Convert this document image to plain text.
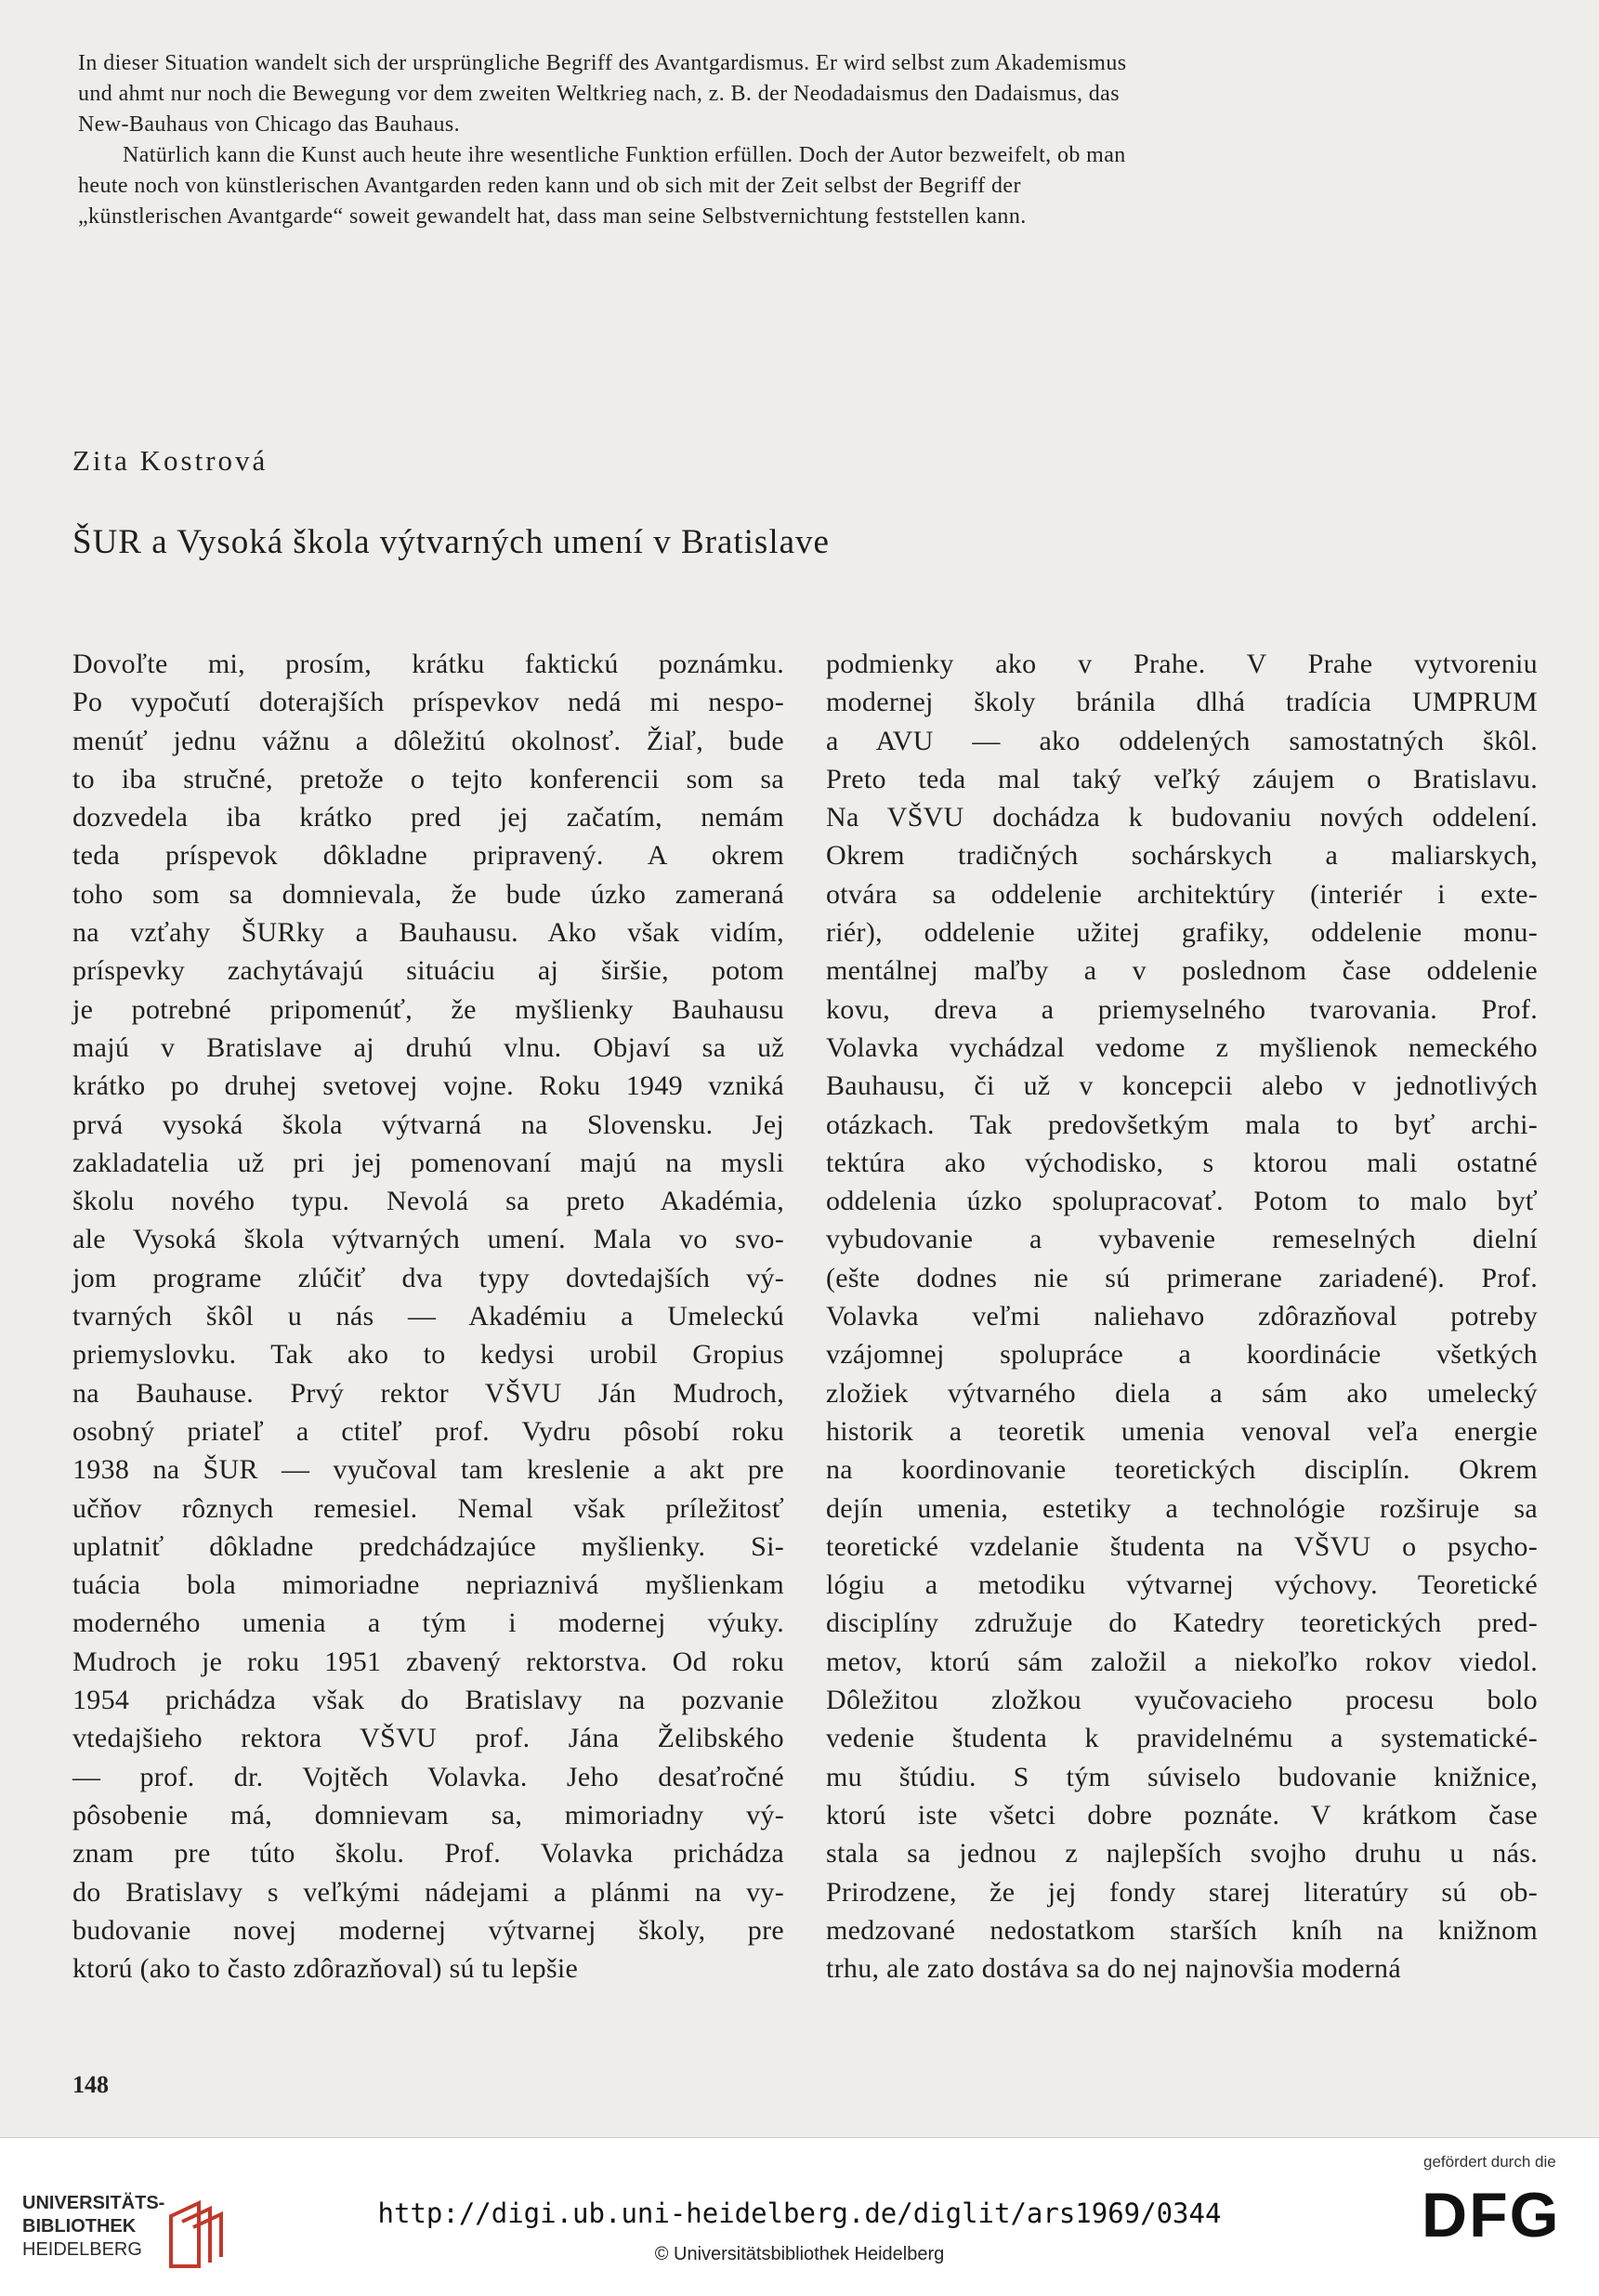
In dieser Situation wandelt sich der ursprüngliche Begriff des Avantgardismus. Er wird selbst zum Akademismus
und ahmt nur noch die Bewegung vor dem zweiten Weltkrieg nach, z. B. der Neodadaismus den Dadaismus, das
New-Bauhaus von Chicago das Bauhaus.

Natürlich kann die Kunst auch heute ihre wesentliche Funktion erfüllen. Doch der Autor bezweifelt, ob man
heute noch von künstlerischen Avantgarden reden kann und ob sich mit der Zeit selbst der Begriff der
„künstlerischen Avantgarde“ soweit gewandelt hat, dass man seine Selbstvernichtung feststellen kann.

Zita Kostrová
ŠUR a Vysoká škola výtvarných umení v Bratislave
Dovoľte mi, prosím, krátku faktickú poznámku.
Po vypočutí doterajších príspevkov nedá mi nespo-
menúť jednu vážnu a dôležitú okolnosť. Žiaľ, bude
to iba stručné, pretože o tejto konferencii som sa
dozvedela iba krátko pred jej začatím, nemám
teda príspevok dôkladne pripravený. A okrem
toho som sa domnievala, že bude úzko zameraná
na vzťahy ŠURky a Bauhausu. Ako však vidím,
príspevky zachytávajú situáciu aj širšie, potom
je potrebné pripomenúť, že myšlienky Bauhausu
majú v Bratislave aj druhú vlnu. Objaví sa už
krátko po druhej svetovej vojne. Roku 1949 vzniká
prvá vysoká škola výtvarná na Slovensku. Jej
zakladatelia už pri jej pomenovaní majú na mysli
školu nového typu. Nevolá sa preto Akadémia,
ale Vysoká škola výtvarných umení. Mala vo svo-
jom programe zlúčiť dva typy dovtedajších vý-
tvarných škôl u nás — Akadémiu a Umeleckú
priemyslovku. Tak ako to kedysi urobil Gropius
na Bauhause. Prvý rektor VŠVU Ján Mudroch,
osobný priateľ a ctiteľ prof. Vydru pôsobí roku
1938 na ŠUR — vyučoval tam kreslenie a akt pre
učňov rôznych remesiel. Nemal však príležitosť
uplatniť dôkladne predchádzajúce myšlienky. Si-
tuácia bola mimoriadne nepriaznivá myšlienkam
moderného umenia a tým i modernej výuky.
Mudroch je roku 1951 zbavený rektorstva. Od roku
1954 prichádza však do Bratislavy na pozvanie
vtedajšieho rektora VŠVU prof. Jána Želibského
— prof. dr. Vojtěch Volavka. Jeho desaťročné
pôsobenie má, domnievam sa, mimoriadny vý-
znam pre túto školu. Prof. Volavka prichádza
do Bratislavy s veľkými nádejami a plánmi na vy-
budovanie novej modernej výtvarnej školy, pre
ktorú (ako to často zdôrazňoval) sú tu lepšie
podmienky ako v Prahe. V Prahe vytvoreniu
modernej školy bránila dlhá tradícia UMPRUM
a AVU — ako oddelených samostatných škôl.
Preto teda mal taký veľký záujem o Bratislavu.
Na VŠVU dochádza k budovaniu nových oddelení.
Okrem tradičných sochárskych a maliarskych,
otvára sa oddelenie architektúry (interiér i exte-
riér), oddelenie užitej grafiky, oddelenie monu-
mentálnej maľby a v poslednom čase oddelenie
kovu, dreva a priemyselného tvarovania. Prof.
Volavka vychádzal vedome z myšlienok nemeckého
Bauhausu, či už v koncepcii alebo v jednotlivých
otázkach. Tak predovšetkým mala to byť archi-
tektúra ako východisko, s ktorou mali ostatné
oddelenia úzko spolupracovať. Potom to malo byť
vybudovanie a vybavenie remeselných dielní
(ešte dodnes nie sú primerane zariadené). Prof.
Volavka veľmi naliehavo zdôrazňoval potreby
vzájomnej spolupráce a koordinácie všetkých
zložiek výtvarného diela a sám ako umelecký
historik a teoretik umenia venoval veľa energie
na koordinovanie teoretických disciplín. Okrem
dejín umenia, estetiky a technológie rozširuje sa
teoretické vzdelanie študenta na VŠVU o psycho-
lógiu a metodiku výtvarnej výchovy. Teoretické
disciplíny združuje do Katedry teoretických pred-
metov, ktorú sám založil a niekoľko rokov viedol.
Dôležitou zložkou vyučovacieho procesu bolo
vedenie študenta k pravidelnému a systematické-
mu štúdiu. S tým súviselo budovanie knižnice,
ktorú iste všetci dobre poznáte. V krátkom čase
stala sa jednou z najlepších svojho druhu u nás.
Prirodzene, že jej fondy starej literatúry sú ob-
medzované nedostatkom starších kníh na knižnom
trhu, ale zato dostáva sa do nej najnovšia moderná
148
UNIVERSITÄTS-
BIBLIOTHEK
HEIDELBERG
http://digi.ub.uni-heidelberg.de/diglit/ars1969/0344
© Universitätsbibliothek Heidelberg
gefördert durch die
DFG
